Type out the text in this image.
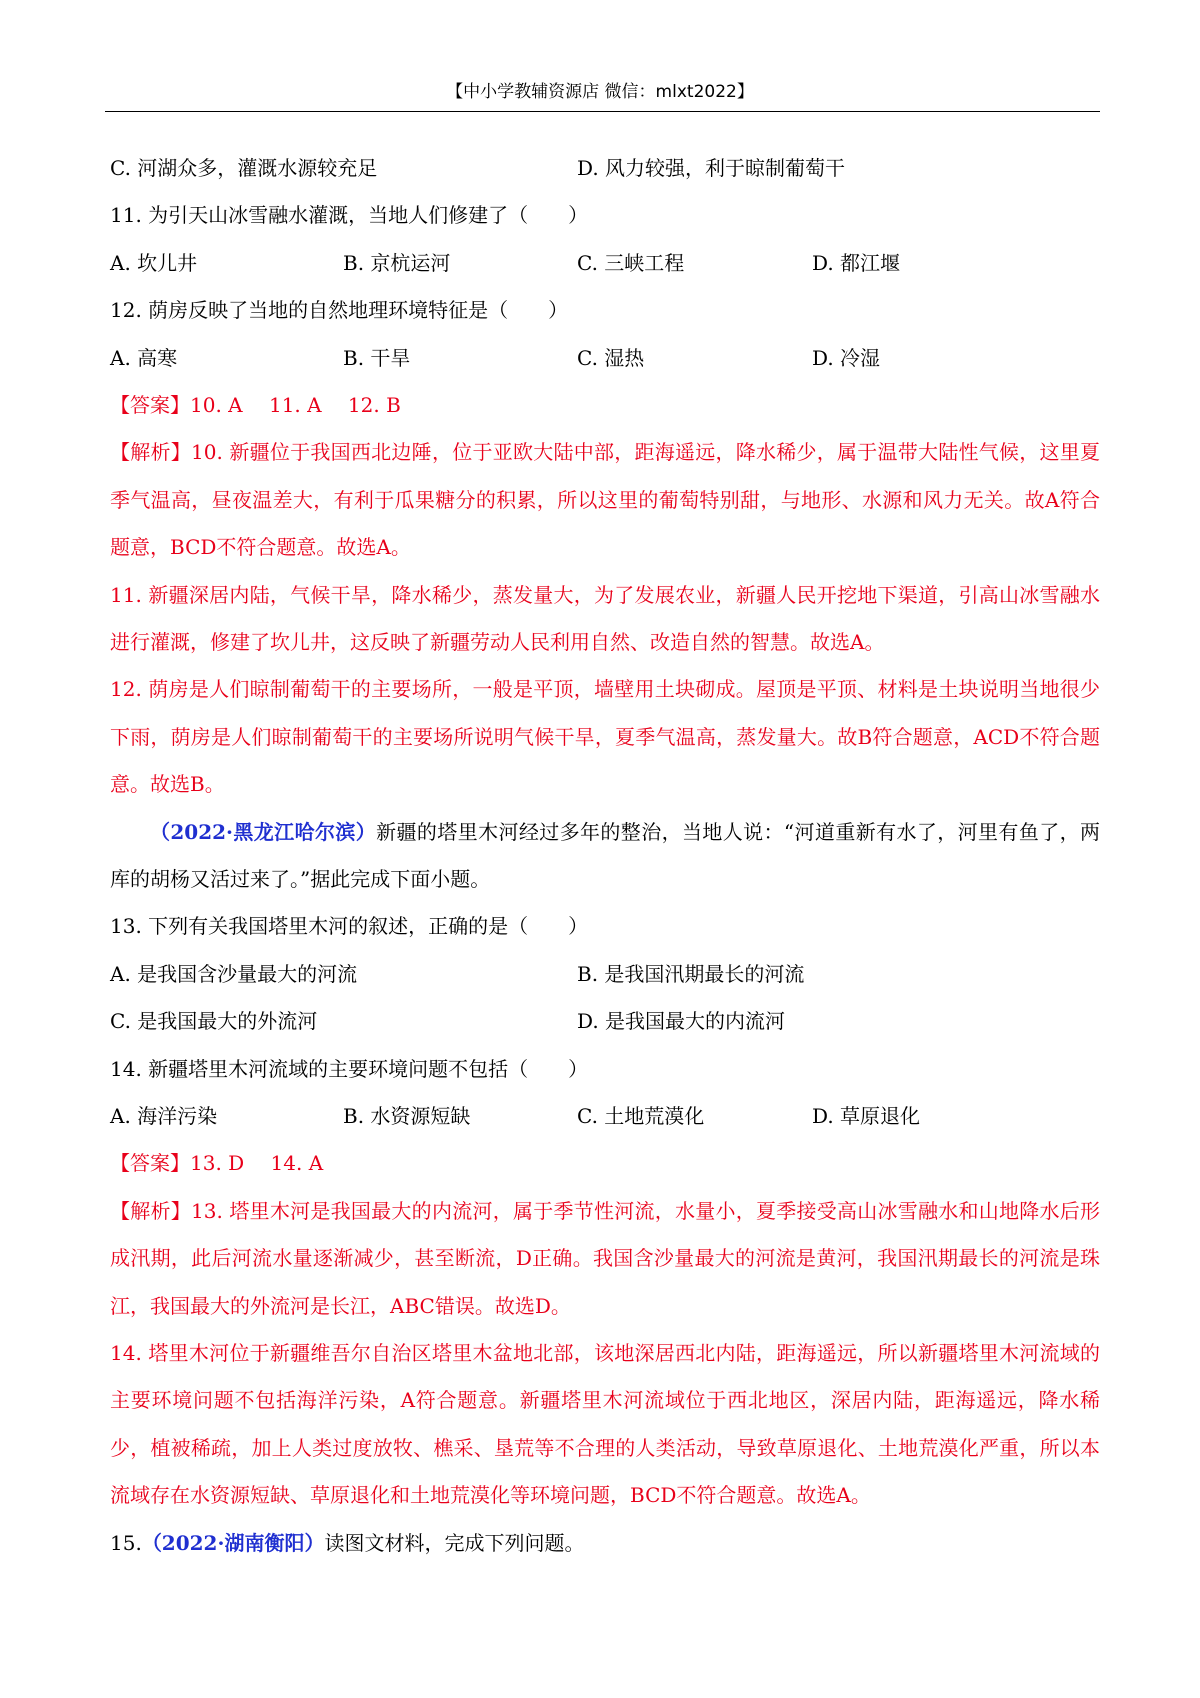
【中小学教辅资源店 微信：mlxt2022】
C. 河湖众多，灌溉水源较充足	D. 风力较强，利于晾制葡萄干
11. 为引天山冰雪融水灌溉，当地人们修建了（　　）
A. 坎儿井	B. 京杭运河	C. 三峡工程	D. 都江堰
12. 荫房反映了当地的自然地理环境特征是（　　）
A. 高寒	B. 干旱	C. 湿热	D. 冷湿
【答案】10. A　 11. A　 12. B
【解析】10. 新疆位于我国西北边陲，位于亚欧大陆中部，距海遥远，降水稀少，属于温带大陆性气候，这里夏季气温高，昼夜温差大，有利于瓜果糖分的积累，所以这里的葡萄特别甜，与地形、水源和风力无关。故A符合题意，BCD不符合题意。故选A。
11. 新疆深居内陆，气候干旱，降水稀少，蒸发量大，为了发展农业，新疆人民开挖地下渠道，引高山冰雪融水进行灌溉，修建了坎儿井，这反映了新疆劳动人民利用自然、改造自然的智慧。故选A。
12. 荫房是人们晾制葡萄干的主要场所，一般是平顶，墙壁用土块砌成。屋顶是平顶、材料是土块说明当地很少下雨，荫房是人们晾制葡萄干的主要场所说明气候干旱，夏季气温高，蒸发量大。故B符合题意，ACD不符合题意。故选B。
（2022·黑龙江哈尔滨）新疆的塔里木河经过多年的整治，当地人说：“河道重新有水了，河里有鱼了，两库的胡杨又活过来了。”据此完成下面小题。
13. 下列有关我国塔里木河的叙述，正确的是（　　）
A. 是我国含沙量最大的河流	B. 是我国汛期最长的河流
C. 是我国最大的外流河	D. 是我国最大的内流河
14. 新疆塔里木河流域的主要环境问题不包括（　　）
A. 海洋污染	B. 水资源短缺	C. 土地荒漠化	D. 草原退化
【答案】13. D　 14. A
【解析】13. 塔里木河是我国最大的内流河，属于季节性河流，水量小，夏季接受高山冰雪融水和山地降水后形成汛期，此后河流水量逐渐减少，甚至断流，D正确。我国含沙量最大的河流是黄河，我国汛期最长的河流是珠江，我国最大的外流河是长江，ABC错误。故选D。
14. 塔里木河位于新疆维吾尔自治区塔里木盆地北部，该地深居西北内陆，距海遥远，所以新疆塔里木河流域的主要环境问题不包括海洋污染，A符合题意。新疆塔里木河流域位于西北地区，深居内陆，距海遥远，降水稀少，植被稀疏，加上人类过度放牧、樵采、垦荒等不合理的人类活动，导致草原退化、土地荒漠化严重，所以本流域存在水资源短缺、草原退化和土地荒漠化等环境问题，BCD不符合题意。故选A。
15.（2022·湖南衡阳）读图文材料，完成下列问题。
